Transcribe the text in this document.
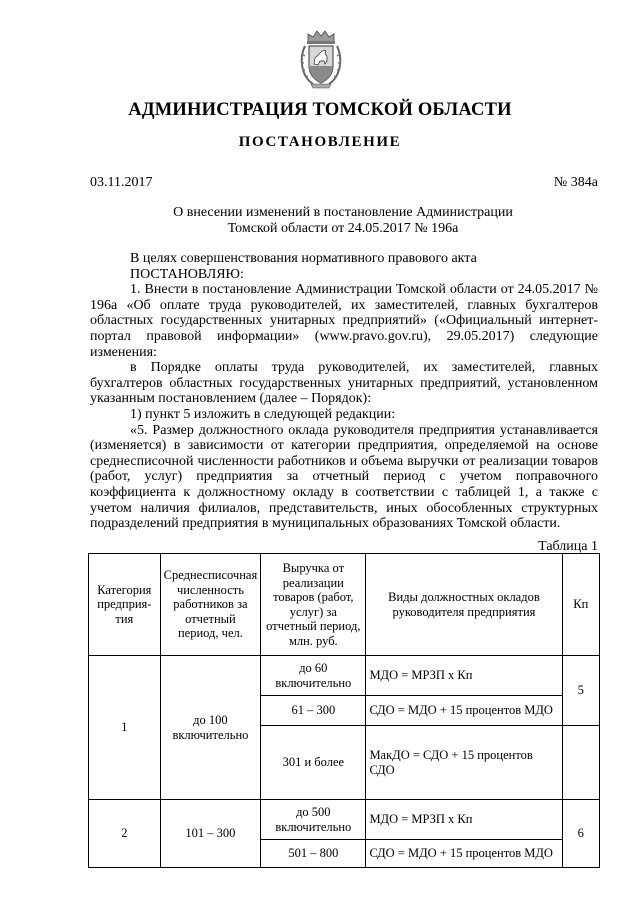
АДМИНИСТРАЦИЯ ТОМСКОЙ ОБЛАСТИ
ПОСТАНОВЛЕНИЕ
03.11.2017	№ 384а
О внесении изменений в постановление Администрации
Томской области от 24.05.2017 № 196а

В целях совершенствования нормативного правового акта

ПОСТАНОВЛЯЮ:

1. Внести в постановление Администрации Томской области от 24.05.2017 № 196а «Об оплате труда руководителей, их заместителей, главных бухгалтеров областных государственных унитарных предприятий» («Официальный интернет-портал правовой информации» (www.pravo.gov.ru), 29.05.2017) следующие изменения:

в Порядке оплаты труда руководителей, их заместителей, главных бухгалтеров областных государственных унитарных предприятий, установленном указанным постановлением (далее – Порядок):

1) пункт 5 изложить в следующей редакции:

«5. Размер должностного оклада руководителя предприятия устанавливается (изменяется) в зависимости от категории предприятия, определяемой на основе среднесписочной численности работников и объема выручки от реализации товаров (работ, услуг) предприятия за отчетный период с учетом поправочного коэффициента к должностному окладу в соответствии с таблицей 1, а также с учетом наличия филиалов, представительств, иных обособленных структурных подразделений предприятия в муниципальных образованиях Томской области.

Таблица 1
Категория предприя-тия	Среднесписочная численность работников за отчетный период, чел.	Выручка от реализации товаров (работ, услуг) за отчетный период, млн. руб.	Виды должностных окладов руководителя предприятия	Кп
1	до 100 включительно	до 60 включительно	МДО = МРЗП х Кп	5
		61 – 300	СДО = МДО + 15 процентов МДО	
		301 и более	МакДО = СДО + 15 процентов СДО	
2	101 – 300	до 500 включительно	МДО = МРЗП х Кп	6
		501 – 800	СДО = МДО + 15 процентов МДО	
